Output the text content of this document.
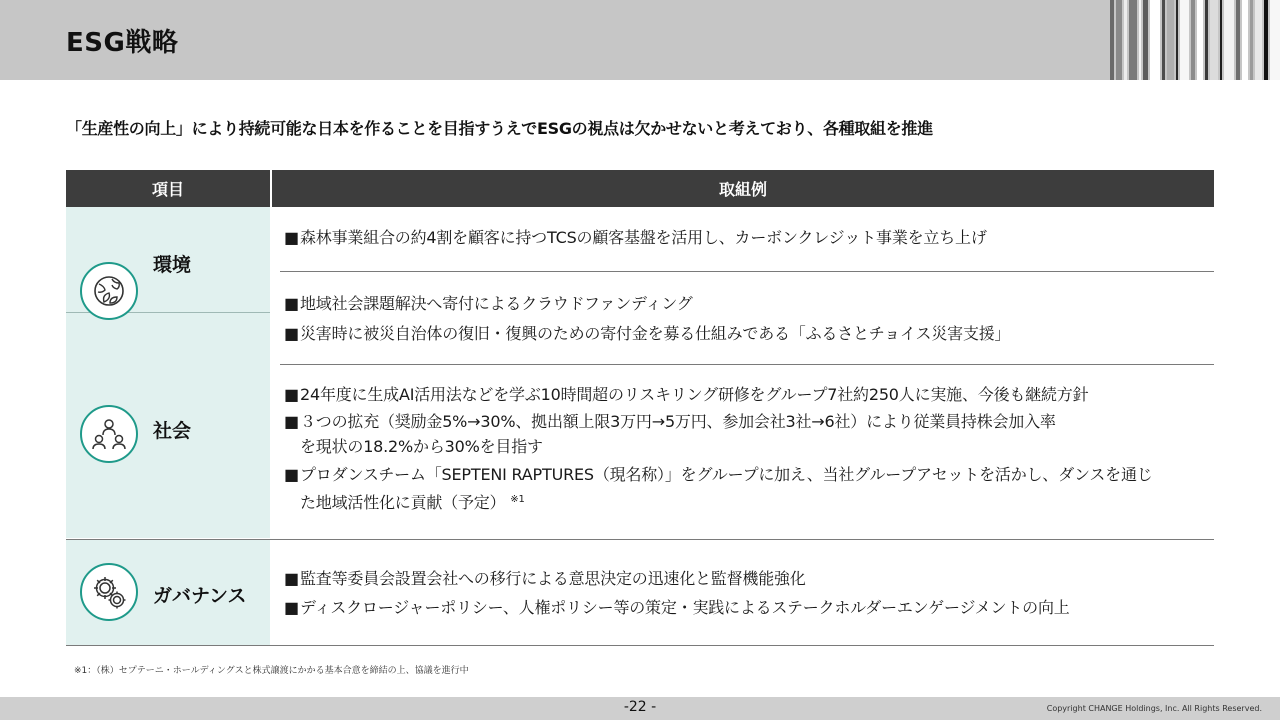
ESG戦略
「生産性の向上」により持続可能な日本を作ることを目指すうえでESGの視点は欠かせないと考えており、各種取組を推進
項目	取組例
環境
■森林事業組合の約4割を顧客に持つTCSの顧客基盤を活用し、カーボンクレジット事業を立ち上げ
■地域社会課題解決へ寄付によるクラウドファンディング
■災害時に被災自治体の復旧・復興のための寄付金を募る仕組みである「ふるさとチョイス災害支援」
社会
■24年度に生成AI活用法などを学ぶ10時間超のリスキリング研修をグループ7社約250人に実施、今後も継続方針
■３つの拡充（奨励金5%→30%、拠出額上限3万円→5万円、参加会社3社→6社）により従業員持株会加入率
を現状の18.2%から30%を目指す
■プロダンスチーム「SEPTENI RAPTURES（現名称）」をグループに加え、当社グループアセットを活かし、ダンスを通じ
た地域活性化に貢献（予定） $^{※1}$
ガバナンス
■監査等委員会設置会社への移行による意思決定の迅速化と監督機能強化
■ディスクロージャーポリシー、人権ポリシー等の策定・実践によるステークホルダーエンゲージメントの向上
※1：（株）セプテーニ・ホールディングスと株式譲渡にかかる基本合意を締結の上、協議を進行中
-22 -	Copyright CHANGE Holdings, Inc. All Rights Reserved.
